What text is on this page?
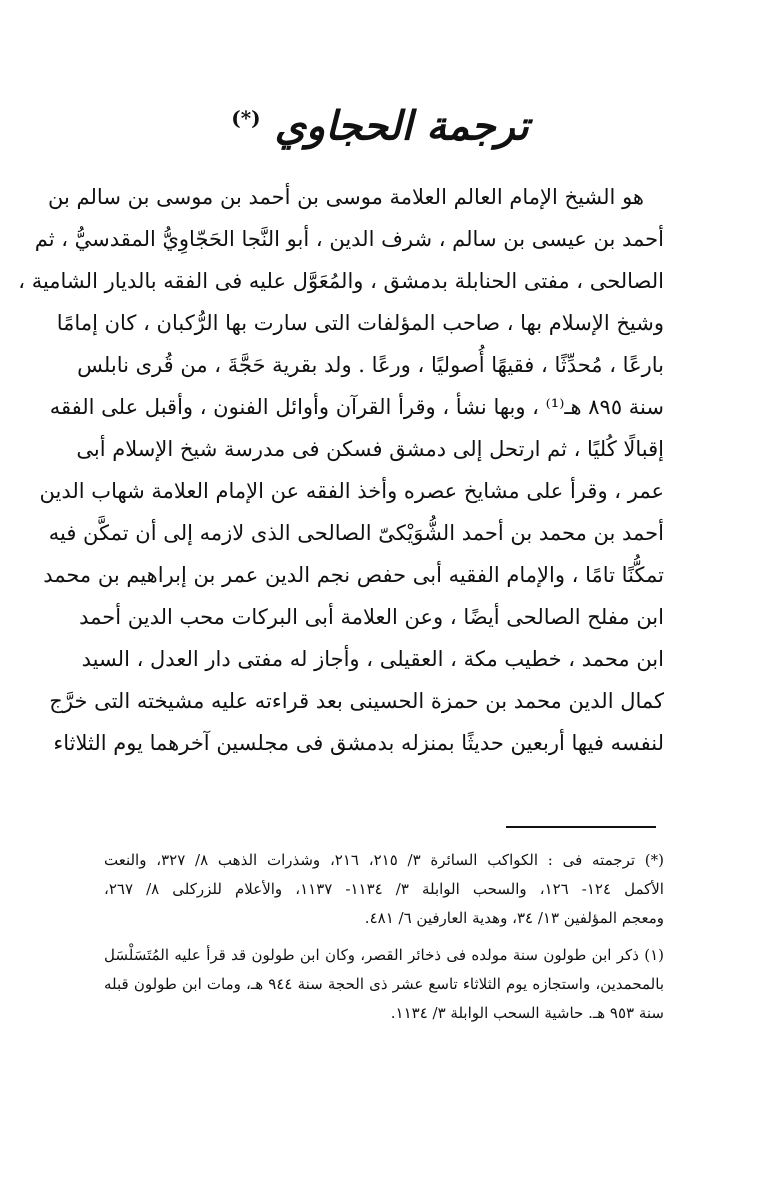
ترجمة الحجاوي (*)
هو الشيخ الإمام العالم العلامة موسى بن أحمد بن موسى بن سالم بن
أحمد بن عيسى بن سالم ، شرف الدين ، أبو النَّجا الحَجّاوِيُّ المقدسيُّ ، ثم
الصالحى ، مفتى الحنابلة بدمشق ، والمُعَوَّل عليه فى الفقه بالديار الشامية ،
وشيخ الإسلام بها ، صاحب المؤلفات التى سارت بها الرُّكبان ، كان إمامًا
بارعًا ، مُحدِّثًا ، فقيهًا أُصوليًا ، ورعًا . ولد بقرية حَجَّةَ ، من قُرى نابلس
سنة ٨٩٥ هـ⁽¹⁾ ، وبها نشأ ، وقرأ القرآن وأوائل الفنون ، وأقبل على الفقه
إقبالًا كُليًا ، ثم ارتحل إلى دمشق فسكن فى مدرسة شيخ الإسلام أبى
عمر ، وقرأ على مشايخ عصره وأخذ الفقه عن الإمام العلامة شهاب الدين
أحمد بن محمد بن أحمد الشُّوَيْكىّ الصالحى الذى لازمه إلى أن تمكَّن فيه
تمكُّنًا تامًا ، والإمام الفقيه أبى حفص نجم الدين عمر بن إبراهيم بن محمد
ابن مفلح الصالحى أيضًا ، وعن العلامة أبى البركات محب الدين أحمد
ابن محمد ، خطيب مكة ، العقيلى ، وأجاز له مفتى دار العدل ، السيد
كمال الدين محمد بن حمزة الحسينى بعد قراءته عليه مشيخته التى خرَّج
لنفسه فيها أربعين حديثًا بمنزله بدمشق فى مجلسين آخرهما يوم الثلاثاء
(*) ترجمته فى : الكواكب السائرة ٣/ ٢١٥، ٢١٦، وشذرات الذهب ٨/ ٣٢٧، والنعت
الأكمل ١٢٤- ١٢٦، والسحب الوابلة ٣/ ١١٣٤- ١١٣٧، والأعلام للزركلى ٨/ ٢٦٧،
ومعجم المؤلفين ١٣/ ٣٤، وهدية العارفين ٦/ ٤٨١.
(١) ذكر ابن طولون سنة مولده فى ذخائر القصر، وكان ابن طولون قد قرأ عليه المُتَسَلْسَل
بالمحمدين، واستجازه يوم الثلاثاء تاسع عشر ذى الحجة سنة ٩٤٤ هـ، ومات ابن طولون قبله
سنة ٩٥٣ هـ. حاشية السحب الوابلة ٣/ ١١٣٤.
